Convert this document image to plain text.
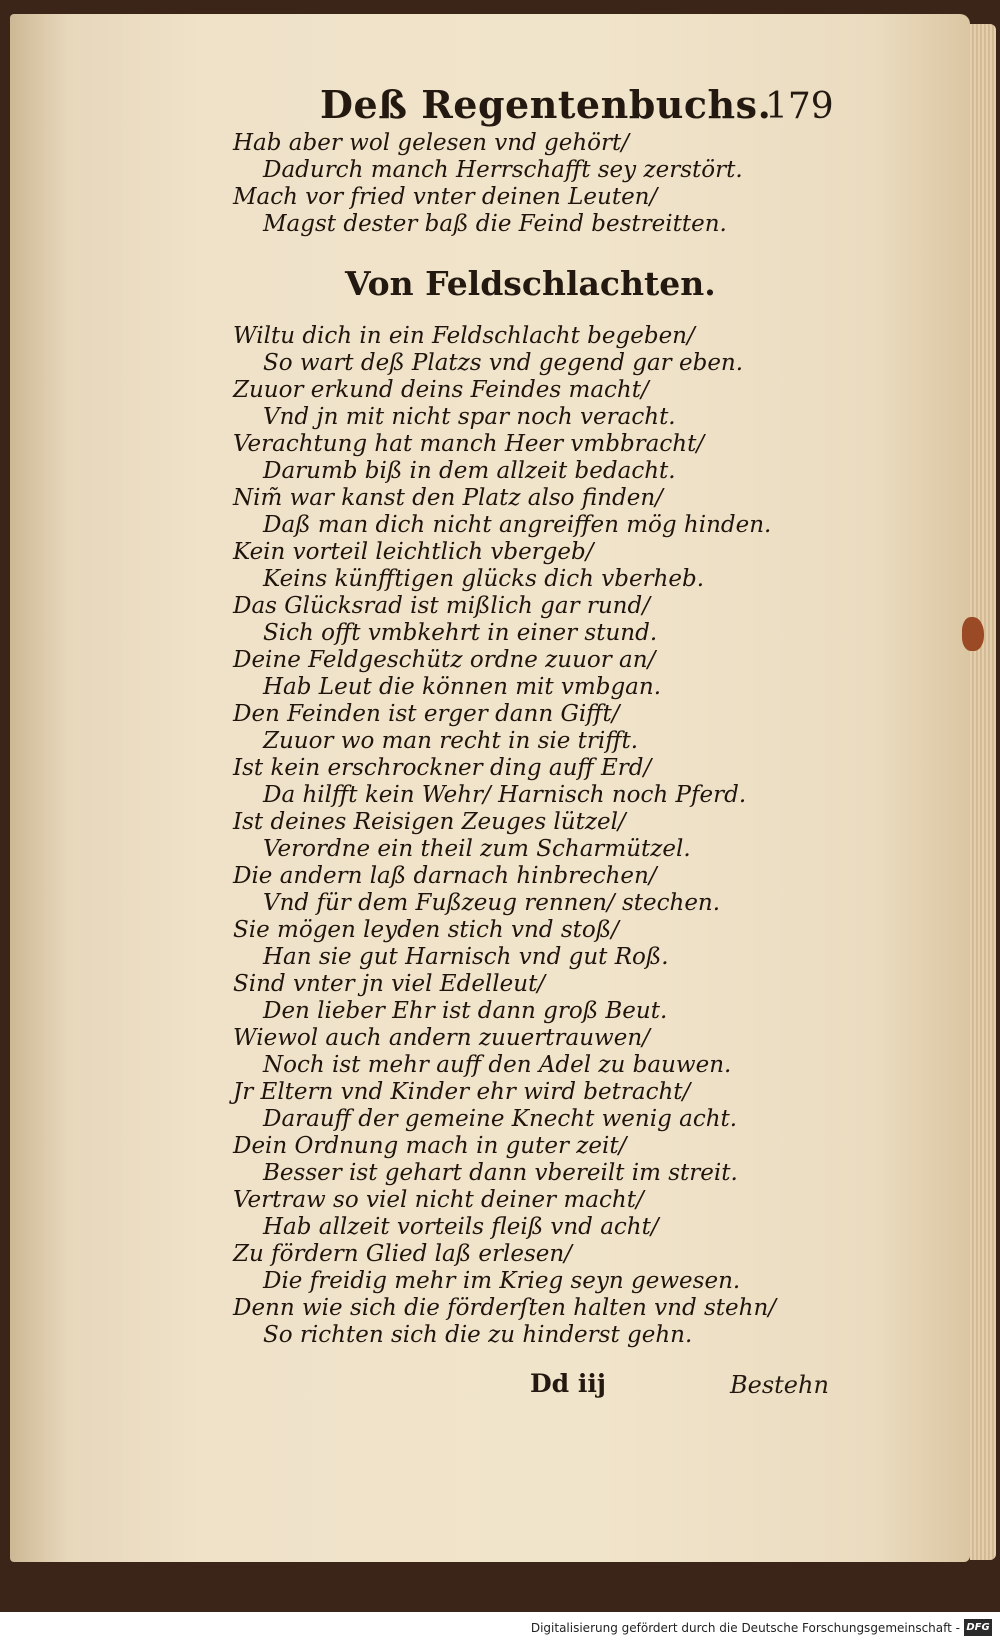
Deß Regentenbuchs.
179
Hab aber wol gelesen vnd gehört/
Dadurch manch Herrschafft sey zerstört.
Mach vor fried vnter deinen Leuten/
Magst dester baß die Feind bestreitten.
Von Feldschlachten.
Wiltu dich in ein Feldschlacht begeben/
So wart deß Platzs vnd gegend gar eben.
Zuuor erkund deins Feindes macht/
Vnd jn mit nicht spar noch veracht.
Verachtung hat manch Heer vmbbracht/
Darumb biß in dem allzeit bedacht.
Nim̃ war kanst den Platz also finden/
Daß man dich nicht angreiffen mög hinden.
Kein vorteil leichtlich vbergeb/
Keins künfftigen glücks dich vberheb.
Das Glücksrad ist mißlich gar rund/
Sich offt vmbkehrt in einer stund.
Deine Feldgeschütz ordne zuuor an/
Hab Leut die können mit vmbgan.
Den Feinden ist erger dann Gifft/
Zuuor wo man recht in sie trifft.
Ist kein erschrockner ding auff Erd/
Da hilfft kein Wehr/ Harnisch noch Pferd.
Ist deines Reisigen Zeuges lützel/
Verordne ein theil zum Scharmützel.
Die andern laß darnach hinbrechen/
Vnd für dem Fußzeug rennen/ stechen.
Sie mögen leyden stich vnd stoß/
Han sie gut Harnisch vnd gut Roß.
Sind vnter jn viel Edelleut/
Den lieber Ehr ist dann groß Beut.
Wiewol auch andern zuuertrauwen/
Noch ist mehr auff den Adel zu bauwen.
Jr Eltern vnd Kinder ehr wird betracht/
Darauff der gemeine Knecht wenig acht.
Dein Ordnung mach in guter zeit/
Besser ist gehart dann vbereilt im streit.
Vertraw so viel nicht deiner macht/
Hab allzeit vorteils fleiß vnd acht/
Zu fördern Glied laß erlesen/
Die freidig mehr im Krieg seyn gewesen.
Denn wie sich die förderſten halten vnd stehn/
So richten sich die zu hinderst gehn.
Dd iij	Bestehn
Digitalisierung gefördert durch die Deutsche Forschungsgemeinschaft - DFG
